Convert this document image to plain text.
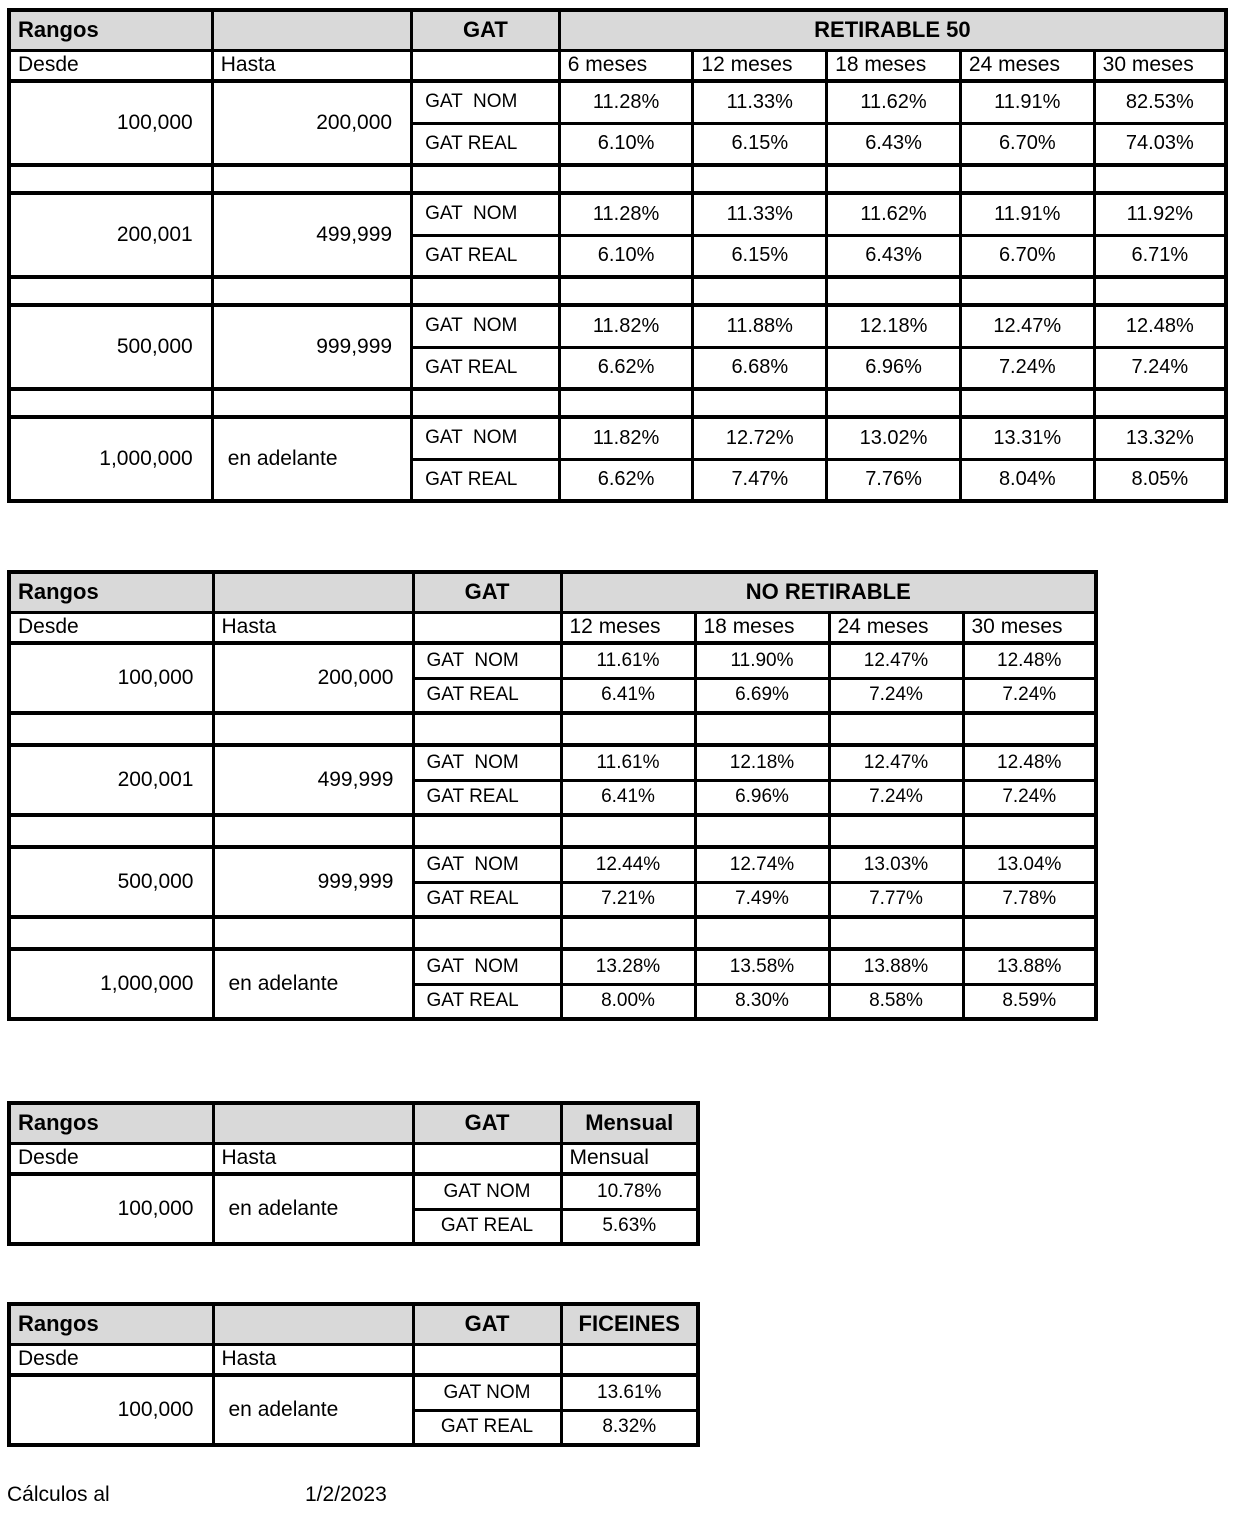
Rangos		GAT	RETIRABLE 50				
Desde	Hasta		6 meses	12 meses	18 meses	24 meses	30 meses
100,000	200,000	GAT  NOM	11.28%	11.33%	11.62%	11.91%	82.53%
		GAT REAL	6.10%	6.15%	6.43%	6.70%	74.03%

200,001	499,999	GAT  NOM	11.28%	11.33%	11.62%	11.91%	11.92%
		GAT REAL	6.10%	6.15%	6.43%	6.70%	6.71%

500,000	999,999	GAT  NOM	11.82%	11.88%	12.18%	12.47%	12.48%
		GAT REAL	6.62%	6.68%	6.96%	7.24%	7.24%

1,000,000	en adelante	GAT  NOM	11.82%	12.72%	13.02%	13.31%	13.32%
		GAT REAL	6.62%	7.47%	7.76%	8.04%	8.05%
Rangos		GAT	NO RETIRABLE			
Desde	Hasta		12 meses	18 meses	24 meses	30 meses
100,000	200,000	GAT  NOM	11.61%	11.90%	12.47%	12.48%
		GAT REAL	6.41%	6.69%	7.24%	7.24%

200,001	499,999	GAT  NOM	11.61%	12.18%	12.47%	12.48%
		GAT REAL	6.41%	6.96%	7.24%	7.24%

500,000	999,999	GAT  NOM	12.44%	12.74%	13.03%	13.04%
		GAT REAL	7.21%	7.49%	7.77%	7.78%

1,000,000	en adelante	GAT  NOM	13.28%	13.58%	13.88%	13.88%
		GAT REAL	8.00%	8.30%	8.58%	8.59%
Rangos		GAT	Mensual
Desde	Hasta		Mensual
100,000	en adelante	GAT NOM	10.78%
		GAT REAL	5.63%
Rangos		GAT	FICEINES
Desde	Hasta		
100,000	en adelante	GAT NOM	13.61%
		GAT REAL	8.32%
Cálculos al	1/2/2023
